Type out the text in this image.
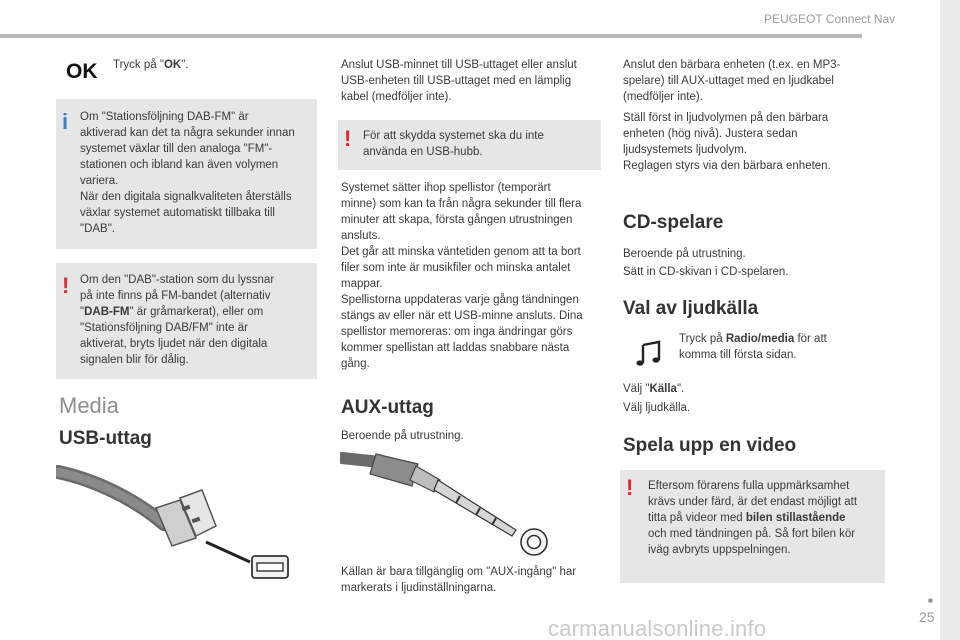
PEUGEOT Connect Nav
■
25
carmanualsonline.info
OK Tryck på "OK".
i Om "Stationsföljning DAB-FM" är
aktiverad kan det ta några sekunder innan
systemet växlar till den analoga "FM"-
stationen och ibland kan även volymen
variera.
När den digitala signalkvaliteten återställs
växlar systemet automatiskt tillbaka till
"DAB".
! Om den "DAB"-station som du lyssnar
på inte finns på FM-bandet (alternativ
"DAB-FM" är gråmarkerat), eller om
"Stationsföljning DAB/FM" inte är
aktiverat, bryts ljudet när den digitala
signalen blir för dålig.
Media
USB-uttag
Anslut USB-minnet till USB-uttaget eller anslut
USB-enheten till USB-uttaget med en lämplig
kabel (medföljer inte).
! För att skydda systemet ska du inte
använda en USB-hubb.
Systemet sätter ihop spellistor (temporärt
minne) som kan ta från några sekunder till flera
minuter att skapa, första gången utrustningen
ansluts.
Det går att minska väntetiden genom att ta bort
filer som inte är musikfiler och minska antalet
mappar.
Spellistorna uppdateras varje gång tändningen
stängs av eller när ett USB-minne ansluts. Dina
spellistor memoreras: om inga ändringar görs
kommer spellistan att laddas snabbare nästa
gång.
AUX-uttag
Beroende på utrustning.
Källan är bara tillgänglig om "AUX-ingång" har
markerats i ljudinställningarna.
Anslut den bärbara enheten (t.ex. en MP3-
spelare) till AUX-uttaget med en ljudkabel
(medföljer inte).
Ställ först in ljudvolymen på den bärbara
enheten (hög nivå). Justera sedan
ljudsystemets ljudvolym.
Reglagen styrs via den bärbara enheten.
CD-spelare
Beroende på utrustning.
Sätt in CD-skivan i CD-spelaren.
Val av ljudkälla
Tryck på Radio/media för att
komma till första sidan.
Välj "Källa".
Välj ljudkälla.
Spela upp en video
! Eftersom förarens fulla uppmärksamhet
krävs under färd, är det endast möjligt att
titta på videor med bilen stillastående
och med tändningen på. Så fort bilen kör
iväg avbryts uppspelningen.
